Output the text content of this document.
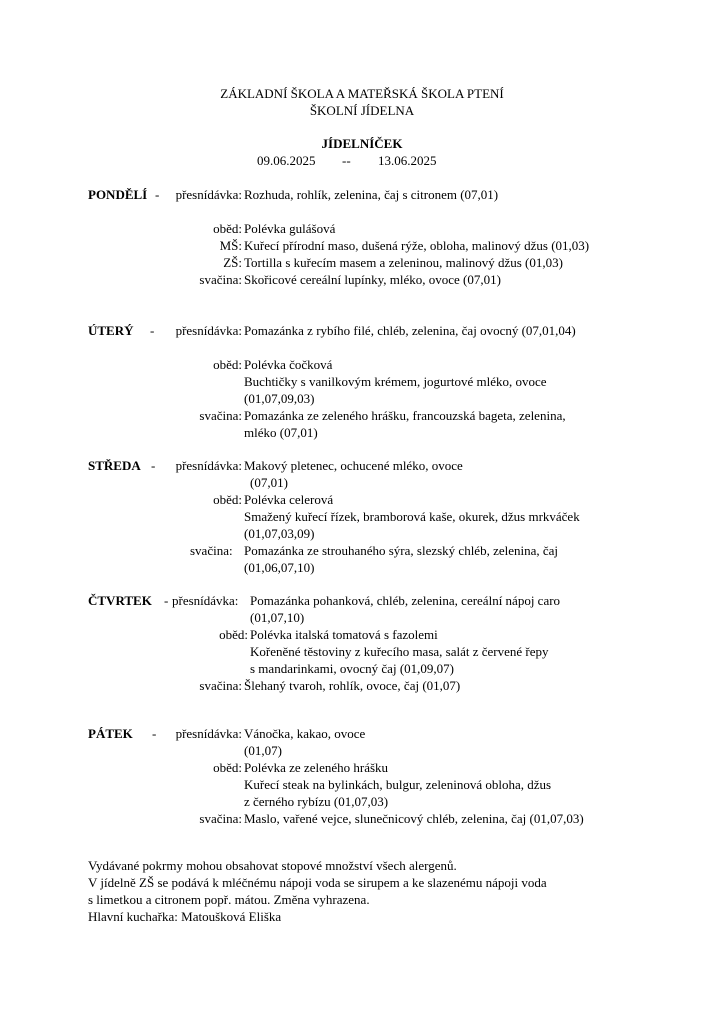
ZÁKLADNÍ ŠKOLA A MATEŘSKÁ ŠKOLA PTENÍ
ŠKOLNÍ JÍDELNA
JÍDELNÍČEK
09.06.2025 -- 13.06.2025
PONDĚLÍ - přesnídávka: Rozhuda, rohlík, zelenina, čaj s citronem (07,01)
oběd: Polévka gulášová
MŠ: Kuřecí přírodní maso, dušená rýže, obloha, malinový džus (01,03)
ZŠ: Tortilla s kuřecím masem a zeleninou, malinový džus (01,03)
svačina: Skořicové cereální lupínky, mléko, ovoce (07,01)
ÚTERÝ - přesnídávka: Pomazánka z rybího filé, chléb, zelenina, čaj ovocný (07,01,04)
oběd: Polévka čočková
Buchtičky s vanilkovým krémem, jogurtové mléko, ovoce
(01,07,09,03)
svačina: Pomazánka ze zeleného hrášku, francouzská bageta, zelenina,
mléko (07,01)
STŘEDA - přesnídávka: Makový pletenec, ochucené mléko, ovoce
(07,01)
oběd: Polévka celerová
Smažený kuřecí řízek, bramborová kaše, okurek, džus mrkváček
(01,07,03,09)
svačina: Pomazánka ze strouhaného sýra, slezský chléb, zelenina, čaj
(01,06,07,10)
ČTVRTEK - přesnídávka: Pomazánka pohanková, chléb, zelenina, cereální nápoj caro
(01,07,10)
oběd: Polévka italská tomatová s fazolemi
Kořeněné těstoviny z kuřecího masa, salát z červené řepy
s mandarinkami, ovocný čaj (01,09,07)
svačina: Šlehaný tvaroh, rohlík, ovoce, čaj (01,07)
PÁTEK - přesnídávka: Vánočka, kakao, ovoce
(01,07)
oběd: Polévka ze zeleného hrášku
Kuřecí steak na bylinkách, bulgur, zeleninová obloha, džus
z černého rybízu (01,07,03)
svačina: Maslo, vařené vejce, slunečnicový chléb, zelenina, čaj (01,07,03)
Vydávané pokrmy mohou obsahovat stopové množství všech alergenů.
V jídelně ZŠ se podává k mléčnému nápoji voda se sirupem a ke slazenému nápoji voda
s limetkou a citronem popř. mátou. Změna vyhrazena.
Hlavní kuchařka: Matoušková Eliška
